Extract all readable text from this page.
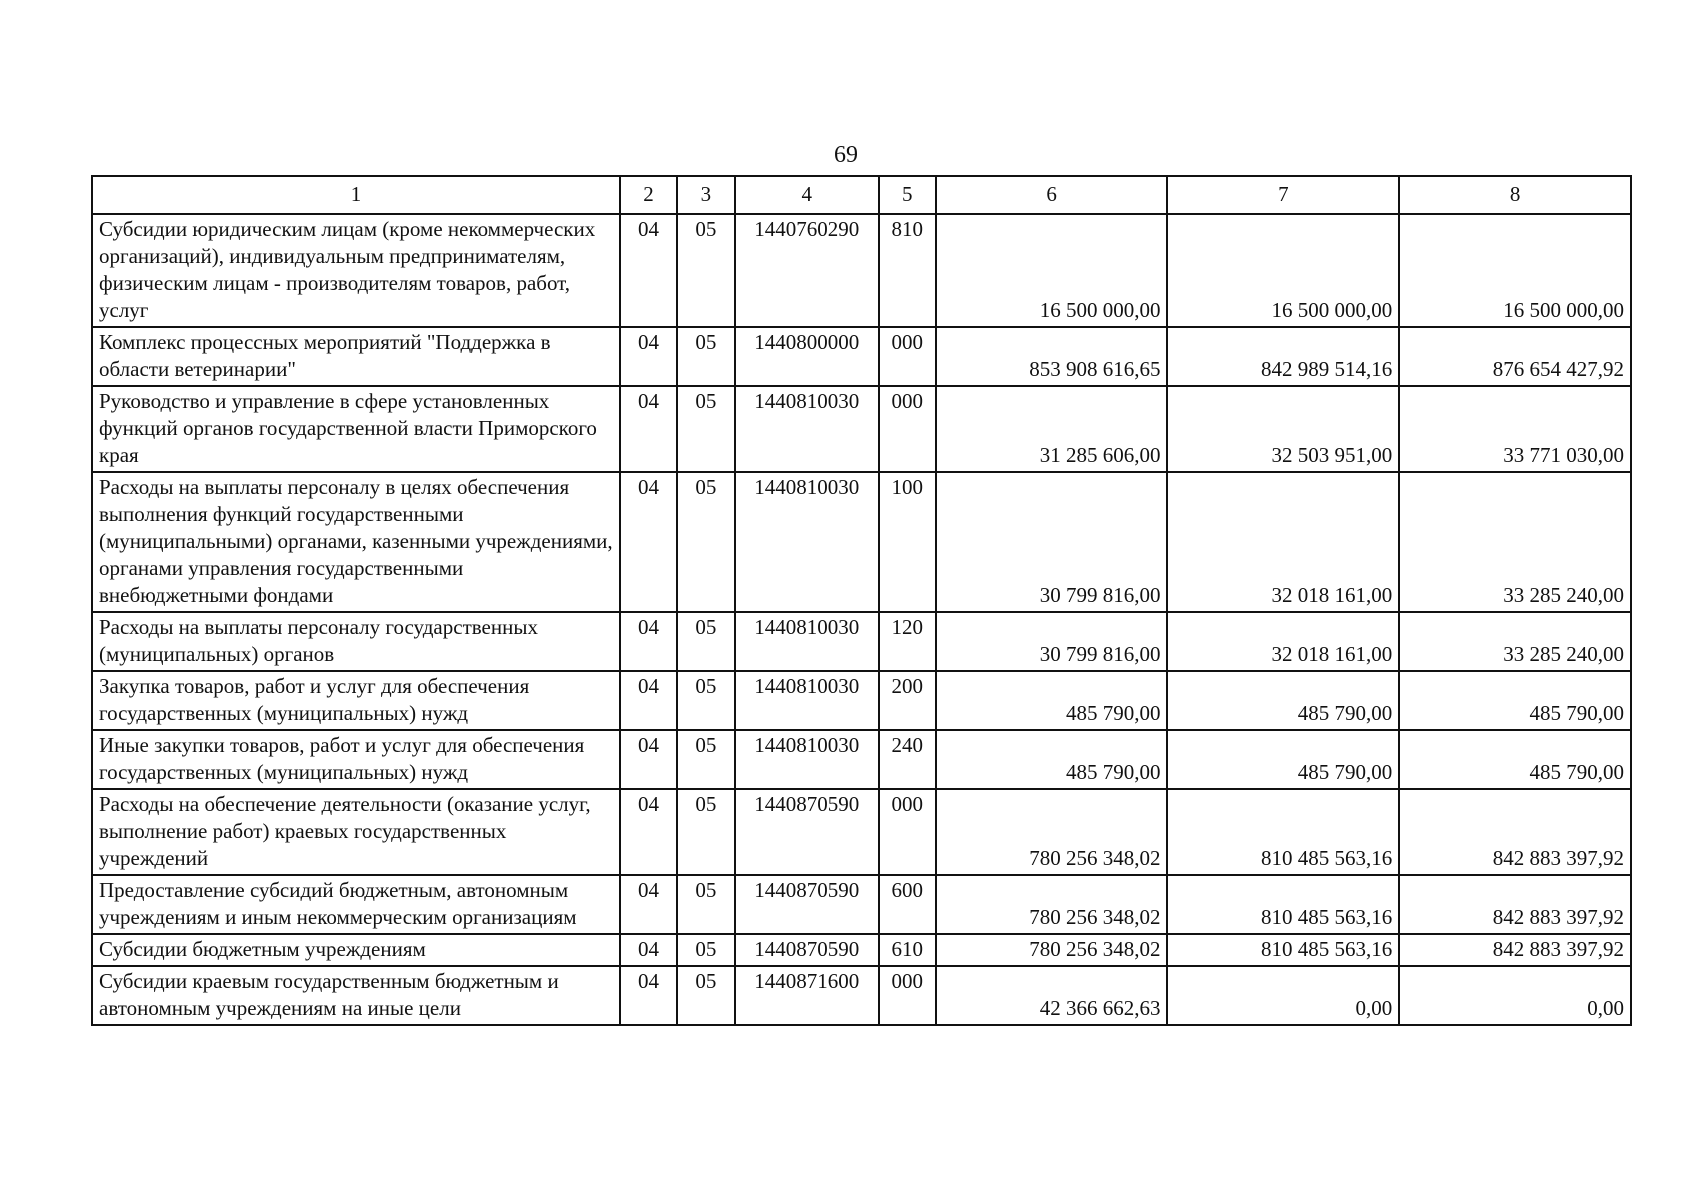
69
1	2	3	4	5	6	7	8
Субсидии юридическим лицам (кроме некоммерческих организаций), индивидуальным предпринимателям, физическим лицам - производителям товаров, работ, услуг	04	05	1440760290	810	16 500 000,00	16 500 000,00	16 500 000,00
Комплекс процессных мероприятий "Поддержка в области ветеринарии"	04	05	1440800000	000	853 908 616,65	842 989 514,16	876 654 427,92
Руководство и управление в сфере установленных функций органов государственной власти Приморского края	04	05	1440810030	000	31 285 606,00	32 503 951,00	33 771 030,00
Расходы на выплаты персоналу в целях обеспечения выполнения функций государственными (муниципальными) органами, казенными учреждениями, органами управления государственными внебюджетными фондами	04	05	1440810030	100	30 799 816,00	32 018 161,00	33 285 240,00
Расходы на выплаты персоналу государственных (муниципальных) органов	04	05	1440810030	120	30 799 816,00	32 018 161,00	33 285 240,00
Закупка товаров, работ и услуг для обеспечения государственных (муниципальных) нужд	04	05	1440810030	200	485 790,00	485 790,00	485 790,00
Иные закупки товаров, работ и услуг для обеспечения государственных (муниципальных) нужд	04	05	1440810030	240	485 790,00	485 790,00	485 790,00
Расходы на обеспечение деятельности (оказание услуг, выполнение работ) краевых государственных учреждений	04	05	1440870590	000	780 256 348,02	810 485 563,16	842 883 397,92
Предоставление субсидий бюджетным, автономным учреждениям и иным некоммерческим организациям	04	05	1440870590	600	780 256 348,02	810 485 563,16	842 883 397,92
Субсидии бюджетным учреждениям	04	05	1440870590	610	780 256 348,02	810 485 563,16	842 883 397,92
Субсидии краевым государственным бюджетным и автономным учреждениям на иные цели	04	05	1440871600	000	42 366 662,63	0,00	0,00
